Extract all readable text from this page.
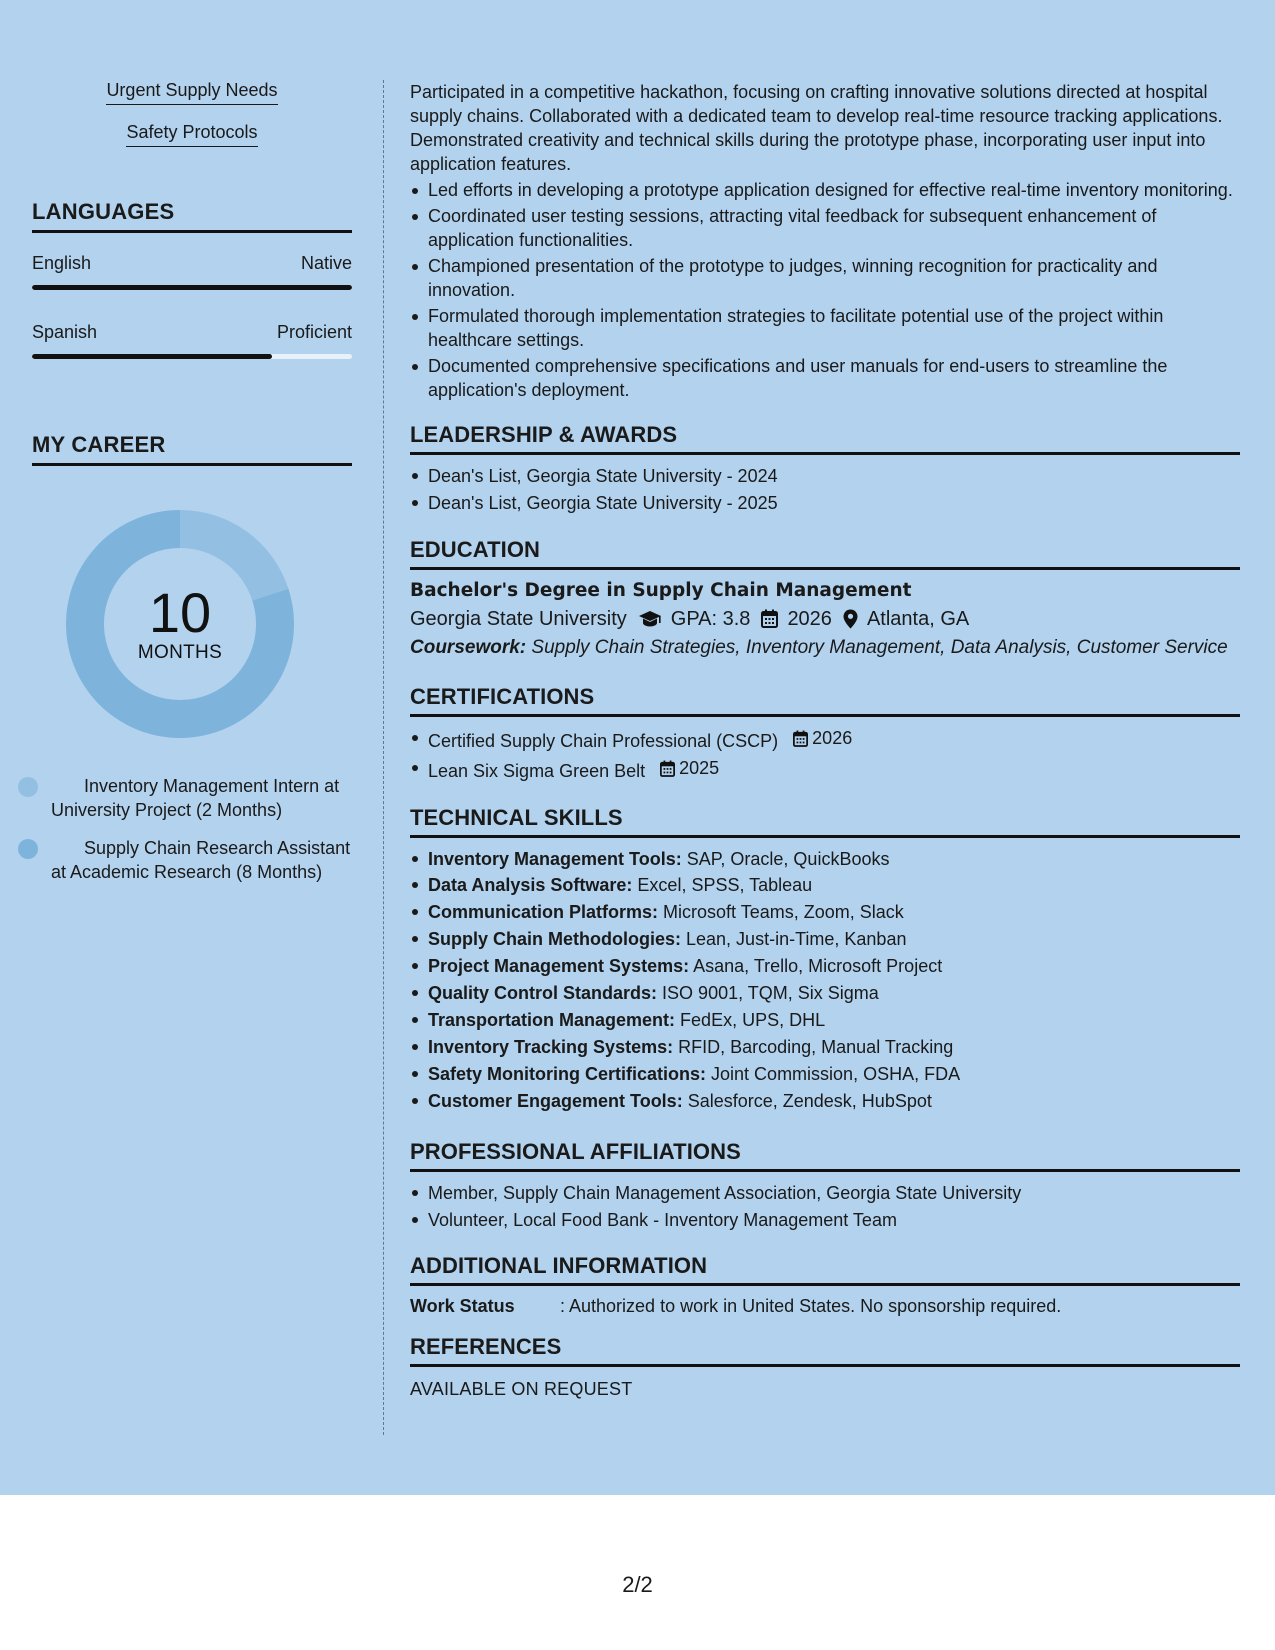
Urgent Supply Needs
Safety Protocols
LANGUAGES
English	Native
Spanish	Proficient
MY CAREER
10
MONTHS
Inventory Management Intern at University Project (2 Months)
Supply Chain Research Assistant at Academic Research (8 Months)

Participated in a competitive hackathon, focusing on crafting innovative solutions directed at hospital supply chains. Collaborated with a dedicated team to develop real-time resource tracking applications. Demonstrated creativity and technical skills during the prototype phase, incorporating user input into application features.

Led efforts in developing a prototype application designed for effective real-time inventory monitoring.
Coordinated user testing sessions, attracting vital feedback for subsequent enhancement of application functionalities.
Championed presentation of the prototype to judges, winning recognition for practicality and innovation.
Formulated thorough implementation strategies to facilitate potential use of the project within healthcare settings.
Documented comprehensive specifications and user manuals for end-users to streamline the application's deployment.
LEADERSHIP & AWARDS
Dean's List, Georgia State University - 2024
Dean's List, Georgia State University - 2025
EDUCATION
Bachelor's Degree in Supply Chain Management
Georgia State University GPA: 3.8 2026 Atlanta, GA
Coursework: Supply Chain Strategies, Inventory Management, Data Analysis, Customer Service
CERTIFICATIONS
Certified Supply Chain Professional (CSCP) 2026
Lean Six Sigma Green Belt 2025
TECHNICAL SKILLS
Inventory Management Tools: SAP, Oracle, QuickBooks
Data Analysis Software: Excel, SPSS, Tableau
Communication Platforms: Microsoft Teams, Zoom, Slack
Supply Chain Methodologies: Lean, Just-in-Time, Kanban
Project Management Systems: Asana, Trello, Microsoft Project
Quality Control Standards: ISO 9001, TQM, Six Sigma
Transportation Management: FedEx, UPS, DHL
Inventory Tracking Systems: RFID, Barcoding, Manual Tracking
Safety Monitoring Certifications: Joint Commission, OSHA, FDA
Customer Engagement Tools: Salesforce, Zendesk, HubSpot
PROFESSIONAL AFFILIATIONS
Member, Supply Chain Management Association, Georgia State University
Volunteer, Local Food Bank - Inventory Management Team
ADDITIONAL INFORMATION
Work Status	: Authorized to work in United States. No sponsorship required.
REFERENCES
AVAILABLE ON REQUEST
2/2
